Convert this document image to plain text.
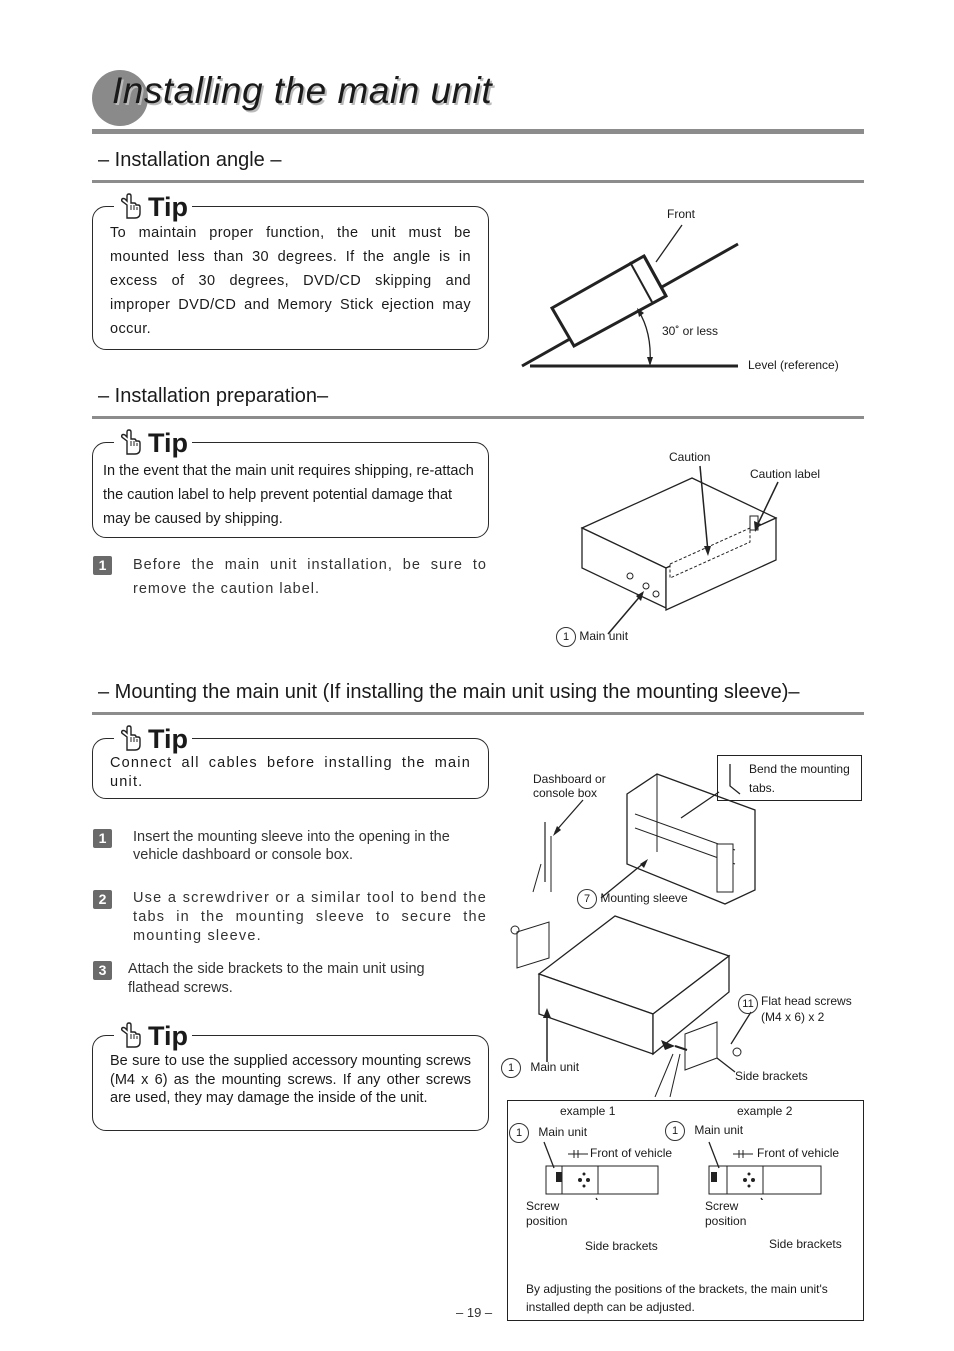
Installing the main unit
– Installation angle –
Tip
To maintain proper function, the unit must be mounted less than 30 degrees. If the angle is in excess of 30 degrees, DVD/CD skipping and improper DVD/CD and Memory Stick ejection may occur.
Front
30˚ or less
Level (reference)
– Installation preparation–
Tip
In the event that the main unit requires shipping, re-attach the caution label to help prevent potential damage that may be caused by shipping.
1	Before the main unit installation, be sure to remove the caution label.
Caution
Caution label
1 Main unit
– Mounting the main unit (If installing the main unit using the mounting sleeve)–
Tip
Connect all cables before installing the main unit.
1	Insert the mounting sleeve into the opening in the vehicle dashboard or console box.
2	Use a screwdriver or a similar tool to bend the tabs in the mounting sleeve to secure the mounting sleeve.
3	Attach the side brackets to the main unit using flathead screws.
Tip
Be sure to use the supplied accessory mounting screws (M4 x 6) as the mounting screws. If any other screws are used, they may damage the inside of the unit.
Dashboard or console box
Bend the mounting tabs.
7 Mounting sleeve
11 Flat head screws (M4 x 6) x 2
1 Main unit
Side brackets
example 1
1 Main unit
Front of vehicle
Screw position
Side brackets
example 2
1 Main unit
Front of vehicle
Screw position
Side brackets
By adjusting the positions of the brackets, the main unit's installed depth can be adjusted.
– 19 –
